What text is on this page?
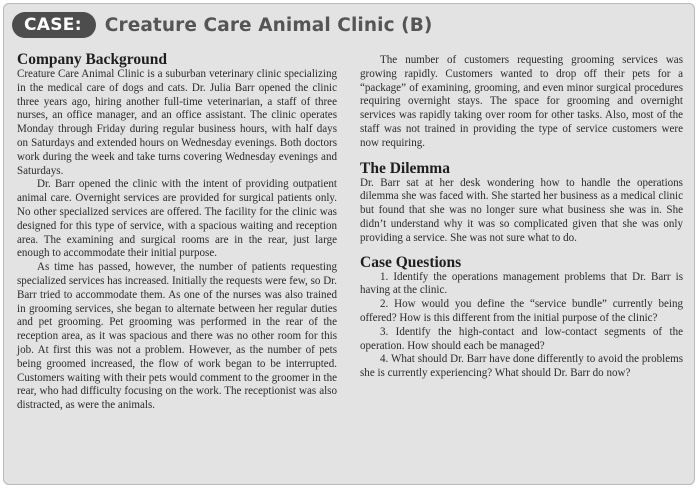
CASE:	Creature Care Animal Clinic (B)
Company Background

Creature Care Animal Clinic is a suburban veterinary clinic specializing in the medical care of dogs and cats. Dr. Julia Barr opened the clinic three years ago, hiring another full-time veterinarian, a staff of three nurses, an office manager, and an office assistant. The clinic operates Monday through Friday during regular business hours, with half days on Saturdays and extended hours on Wednesday evenings. Both doctors work during the week and take turns covering Wednesday evenings and Saturdays.

Dr. Barr opened the clinic with the intent of providing outpatient animal care. Overnight services are provided for surgical patients only. No other specialized services are offered. The facility for the clinic was designed for this type of service, with a spacious waiting and reception area. The examining and surgical rooms are in the rear, just large enough to accommodate their initial purpose.

As time has passed, however, the number of patients requesting specialized services has increased. Initially the requests were few, so Dr. Barr tried to accommodate them. As one of the nurses was also trained in grooming services, she began to alternate between her regular duties and pet grooming. Pet grooming was performed in the rear of the reception area, as it was spacious and there was no other room for this job. At first this was not a problem. However, as the number of pets being groomed increased, the flow of work began to be interrupted. Customers waiting with their pets would comment to the groomer in the rear, who had difficulty focusing on the work. The receptionist was also distracted, as were the animals.

The number of customers requesting grooming services was growing rapidly. Customers wanted to drop off their pets for a “package” of examining, grooming, and even minor surgical procedures requiring overnight stays. The space for grooming and overnight services was rapidly taking over room for other tasks. Also, most of the staff was not trained in providing the type of service customers were now requiring.

The Dilemma

Dr. Barr sat at her desk wondering how to handle the operations dilemma she was faced with. She started her business as a medical clinic but found that she was no longer sure what business she was in. She didn’t understand why it was so complicated given that she was only providing a service. She was not sure what to do.

Case Questions

1. Identify the operations management problems that Dr. Barr is having at the clinic.

2. How would you define the “service bundle” currently being offered? How is this different from the initial purpose of the clinic?

3. Identify the high-contact and low-contact segments of the operation. How should each be managed?

4. What should Dr. Barr have done differently to avoid the problems she is currently experiencing? What should Dr. Barr do now?
